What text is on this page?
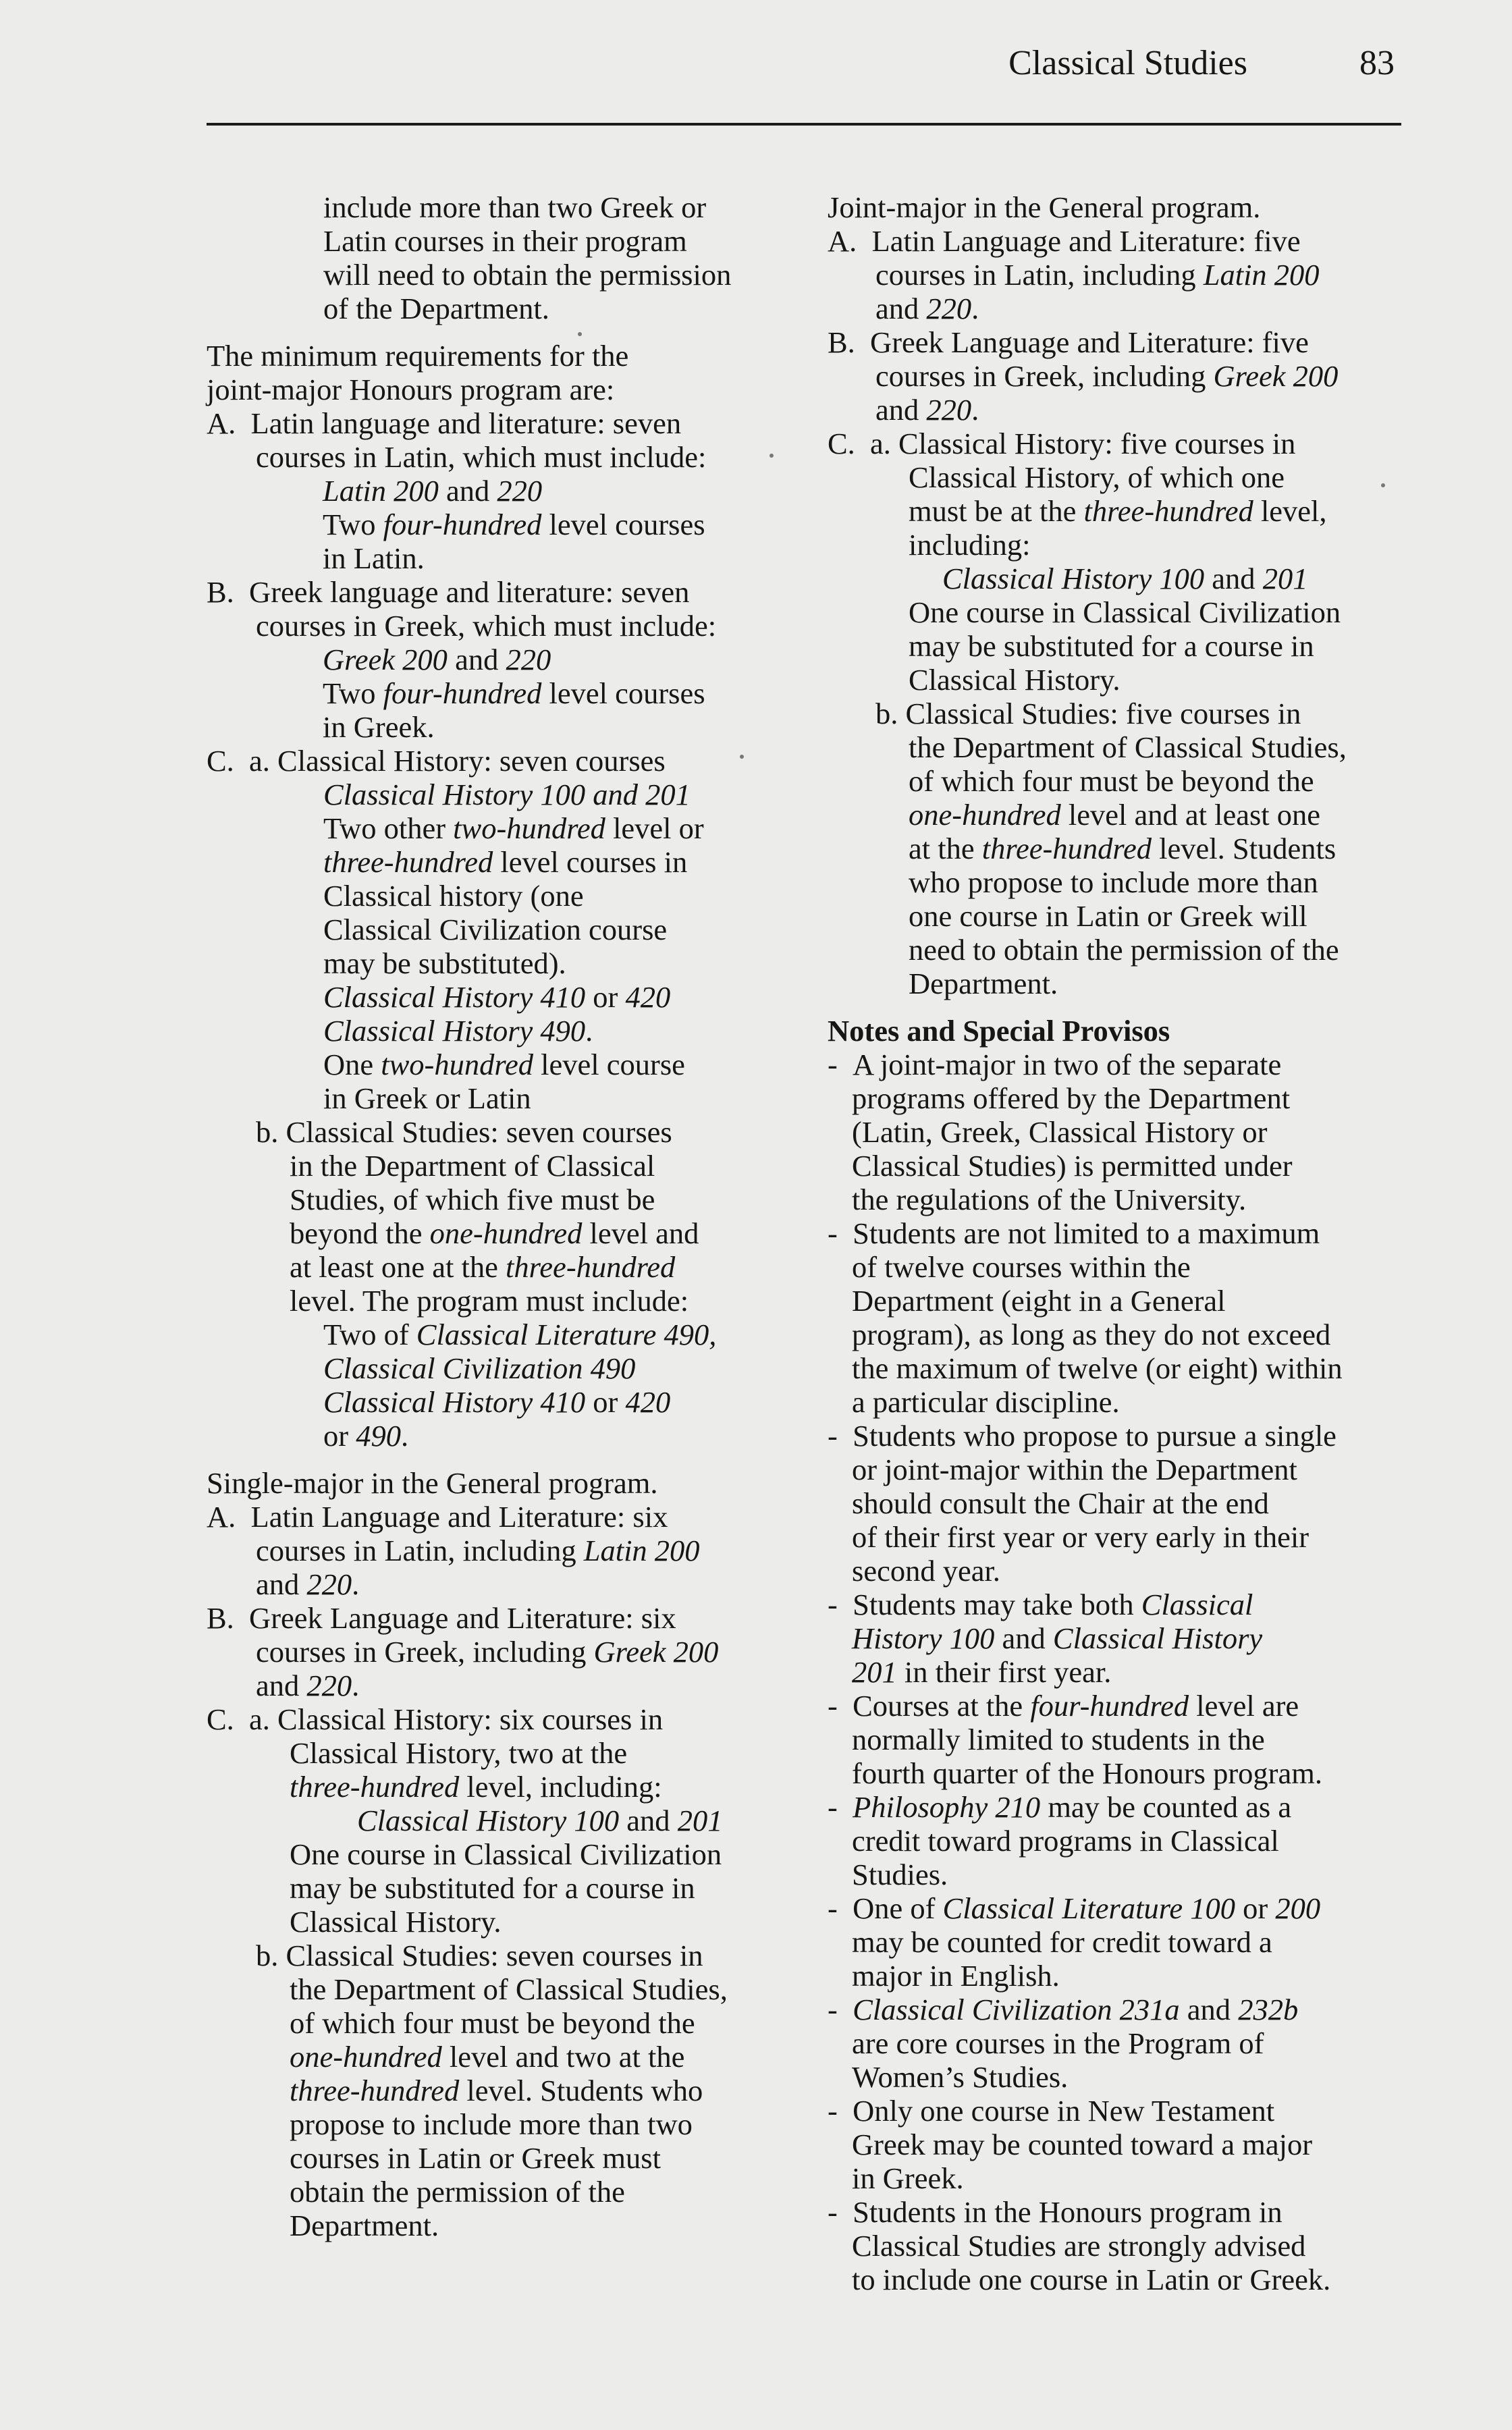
Classical Studies	83
include more than two Greek or
Latin courses in their program
will need to obtain the permission
of the Department.
The minimum requirements for the
joint-major Honours program are:
A.  Latin language and literature: seven
courses in Latin, which must include:
Latin 200 and 220
Two four-hundred level courses
in Latin.
B.  Greek language and literature: seven
courses in Greek, which must include:
Greek 200 and 220
Two four-hundred level courses
in Greek.
C.  a. Classical History: seven courses
Classical History 100 and 201
Two other two-hundred level or
three-hundred level courses in
Classical history (one
Classical Civilization course
may be substituted).
Classical History 410 or 420
Classical History 490.
One two-hundred level course
in Greek or Latin
b. Classical Studies: seven courses
in the Department of Classical
Studies, of which five must be
beyond the one-hundred level and
at least one at the three-hundred
level. The program must include:
Two of Classical Literature 490,
Classical Civilization 490
Classical History 410 or 420
or 490.
Single-major in the General program.
A.  Latin Language and Literature: six
courses in Latin, including Latin 200
and 220.
B.  Greek Language and Literature: six
courses in Greek, including Greek 200
and 220.
C.  a. Classical History: six courses in
Classical History, two at the
three-hundred level, including:
Classical History 100 and 201
One course in Classical Civilization
may be substituted for a course in
Classical History.
b. Classical Studies: seven courses in
the Department of Classical Studies,
of which four must be beyond the
one-hundred level and two at the
three-hundred level. Students who
propose to include more than two
courses in Latin or Greek must
obtain the permission of the
Department.
Joint-major in the General program.
A.  Latin Language and Literature: five
courses in Latin, including Latin 200
and 220.
B.  Greek Language and Literature: five
courses in Greek, including Greek 200
and 220.
C.  a. Classical History: five courses in
Classical History, of which one
must be at the three-hundred level,
including:
Classical History 100 and 201
One course in Classical Civilization
may be substituted for a course in
Classical History.
b. Classical Studies: five courses in
the Department of Classical Studies,
of which four must be beyond the
one-hundred level and at least one
at the three-hundred level. Students
who propose to include more than
one course in Latin or Greek will
need to obtain the permission of the
Department.
Notes and Special Provisos
-  A joint-major in two of the separate
programs offered by the Department
(Latin, Greek, Classical History or
Classical Studies) is permitted under
the regulations of the University.
-  Students are not limited to a maximum
of twelve courses within the
Department (eight in a General
program), as long as they do not exceed
the maximum of twelve (or eight) within
a particular discipline.
-  Students who propose to pursue a single
or joint-major within the Department
should consult the Chair at the end
of their first year or very early in their
second year.
-  Students may take both Classical
History 100 and Classical History
201 in their first year.
-  Courses at the four-hundred level are
normally limited to students in the
fourth quarter of the Honours program.
-  Philosophy 210 may be counted as a
credit toward programs in Classical
Studies.
-  One of Classical Literature 100 or 200
may be counted for credit toward a
major in English.
-  Classical Civilization 231a and 232b
are core courses in the Program of
Women’s Studies.
-  Only one course in New Testament
Greek may be counted toward a major
in Greek.
-  Students in the Honours program in
Classical Studies are strongly advised
to include one course in Latin or Greek.
